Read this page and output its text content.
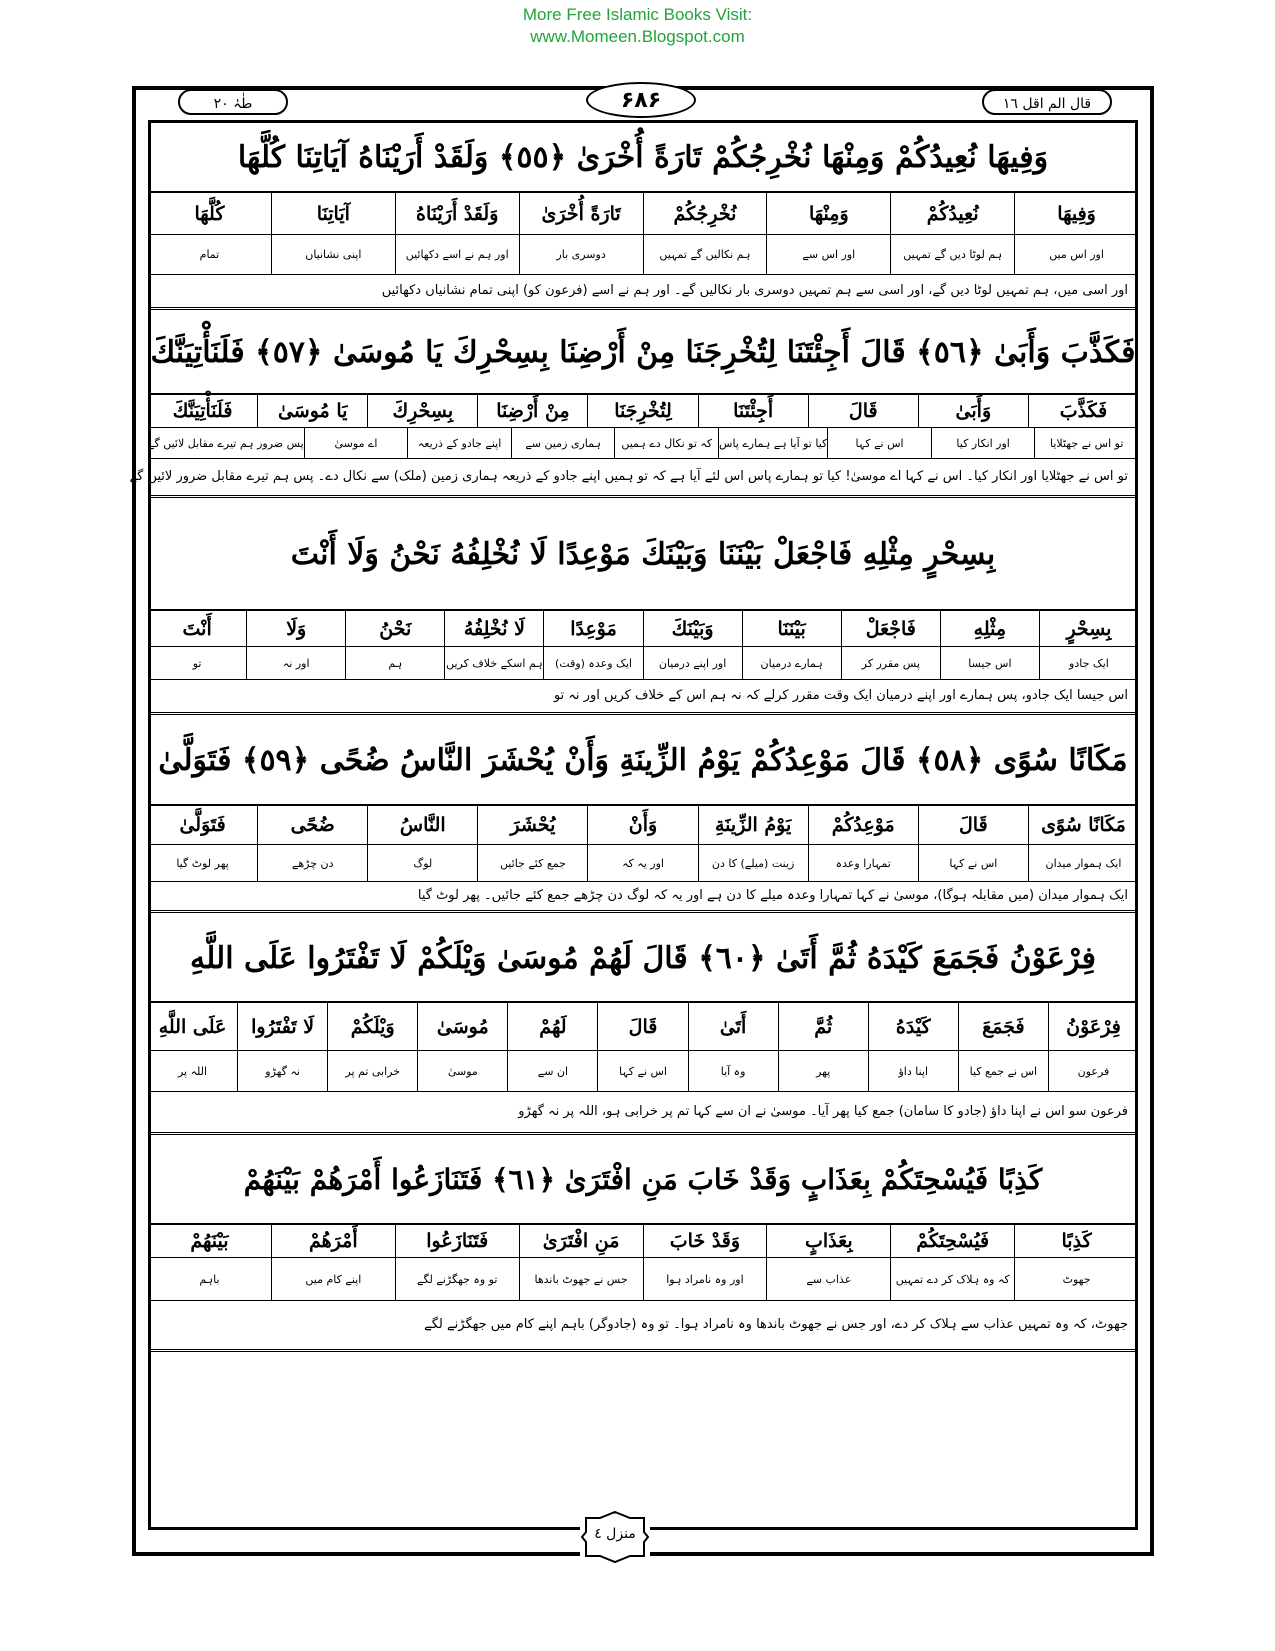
More Free Islamic Books Visit:
www.Momeen.Blogspot.com
طٰہٰ ٢٠	۶۸۶	قال الم اقل ١٦
وَفِيهَا نُعِيدُكُمْ وَمِنْهَا نُخْرِجُكُمْ تَارَةً أُخْرَىٰ ﴿٥٥﴾ وَلَقَدْ أَرَيْنَاهُ آيَاتِنَا كُلَّهَا
وَفِيهَا
نُعِيدُكُمْ
وَمِنْهَا
نُخْرِجُكُمْ
تَارَةً أُخْرَىٰ
وَلَقَدْ أَرَيْنَاهُ
آيَاتِنَا
كُلَّهَا
اور اس میں
ہم لوٹا دیں گے تمہیں
اور اس سے
ہم نکالیں گے تمہیں
دوسری بار
اور ہم نے اسے دکھائیں
اپنی نشانیاں
تمام
اور اسی میں، ہم تمہیں لوٹا دیں گے، اور اسی سے ہم تمہیں دوسری بار نکالیں گے۔ اور ہم نے اسے (فرعون کو) اپنی تمام نشانیاں دکھائیں
فَكَذَّبَ وَأَبَىٰ ﴿٥٦﴾ قَالَ أَجِئْتَنَا لِتُخْرِجَنَا مِنْ أَرْضِنَا بِسِحْرِكَ يَا مُوسَىٰ ﴿٥٧﴾ فَلَنَأْتِيَنَّكَ
فَكَذَّبَ
وَأَبَىٰ
قَالَ
أَجِئْتَنَا
لِتُخْرِجَنَا
مِنْ أَرْضِنَا
بِسِحْرِكَ
يَا مُوسَىٰ
فَلَنَأْتِيَنَّكَ
تو اس نے جھٹلایا
اور انکار کیا
اس نے کہا
کیا تو آیا ہے ہمارے پاس
کہ تو نکال دے ہمیں
ہماری زمین سے
اپنے جادو کے ذریعہ
اے موسیٰ
پس ضرور ہم تیرے مقابل لائیں گے
تو اس نے جھٹلایا اور انکار کیا۔ اس نے کہا اے موسیٰ! کیا تو ہمارے پاس اس لئے آیا ہے کہ تو ہمیں اپنے جادو کے ذریعہ ہماری زمین (ملک) سے نکال دے۔ پس ہم تیرے مقابل ضرور لائیں گے
بِسِحْرٍ مِثْلِهِ فَاجْعَلْ بَيْنَنَا وَبَيْنَكَ مَوْعِدًا لَا نُخْلِفُهُ نَحْنُ وَلَا أَنْتَ
بِسِحْرٍ
مِثْلِهِ
فَاجْعَلْ
بَيْنَنَا
وَبَيْنَكَ
مَوْعِدًا
لَا نُخْلِفُهُ
نَحْنُ
وَلَا
أَنْتَ
ایک جادو
اس جیسا
پس مقرر کر
ہمارے درمیان
اور اپنے درمیان
ایک وعدہ (وقت)
ہم اسکے خلاف کریں
ہم
اور نہ
تو
اس جیسا ایک جادو، پس ہمارے اور اپنے درمیان ایک وقت مقرر کرلے کہ نہ ہم اس کے خلاف کریں اور نہ تو
مَكَانًا سُوًى ﴿٥٨﴾ قَالَ مَوْعِدُكُمْ يَوْمُ الزِّينَةِ وَأَنْ يُحْشَرَ النَّاسُ ضُحًى ﴿٥٩﴾ فَتَوَلَّىٰ
مَكَانًا سُوًى
قَالَ
مَوْعِدُكُمْ
يَوْمُ الزِّينَةِ
وَأَنْ
يُحْشَرَ
النَّاسُ
ضُحًى
فَتَوَلَّىٰ
ایک ہموار میدان
اس نے کہا
تمہارا وعدہ
زینت (میلے) کا دن
اور یہ کہ
جمع کئے جائیں
لوگ
دن چڑھے
پھر لوٹ گیا
ایک ہموار میدان (میں مقابلہ ہوگا)، موسیٰ نے کہا تمہارا وعدہ میلے کا دن ہے اور یہ کہ لوگ دن چڑھے جمع کئے جائیں۔ پھر لوٹ گیا
فِرْعَوْنُ فَجَمَعَ كَيْدَهُ ثُمَّ أَتَىٰ ﴿٦٠﴾ قَالَ لَهُمْ مُوسَىٰ وَيْلَكُمْ لَا تَفْتَرُوا عَلَى اللَّهِ
فِرْعَوْنُ
فَجَمَعَ
كَيْدَهُ
ثُمَّ
أَتَىٰ
قَالَ
لَهُمْ
مُوسَىٰ
وَيْلَكُمْ
لَا تَفْتَرُوا
عَلَى اللَّهِ
فرعون
اس نے جمع کیا
اپنا داؤ
پھر
وہ آیا
اس نے کہا
ان سے
موسیٰ
خرابی تم پر
نہ گھڑو
اللہ پر
فرعون سو اس نے اپنا داؤ (جادو کا سامان) جمع کیا پھر آیا۔ موسیٰ نے ان سے کہا تم پر خرابی ہو، اللہ پر نہ گھڑو
كَذِبًا فَيُسْحِتَكُمْ بِعَذَابٍ وَقَدْ خَابَ مَنِ افْتَرَىٰ ﴿٦١﴾ فَتَنَازَعُوا أَمْرَهُمْ بَيْنَهُمْ
كَذِبًا
فَيُسْحِتَكُمْ
بِعَذَابٍ
وَقَدْ خَابَ
مَنِ افْتَرَىٰ
فَتَنَازَعُوا
أَمْرَهُمْ
بَيْنَهُمْ
جھوٹ
کہ وہ ہلاک کر دے تمہیں
عذاب سے
اور وہ نامراد ہوا
جس نے جھوٹ باندھا
تو وہ جھگڑنے لگے
اپنے کام میں
باہم
جھوٹ، کہ وہ تمہیں عذاب سے ہلاک کر دے، اور جس نے جھوٹ باندھا وہ نامراد ہوا۔ تو وہ (جادوگر) باہم اپنے کام میں جھگڑنے لگے
منزل ٤
